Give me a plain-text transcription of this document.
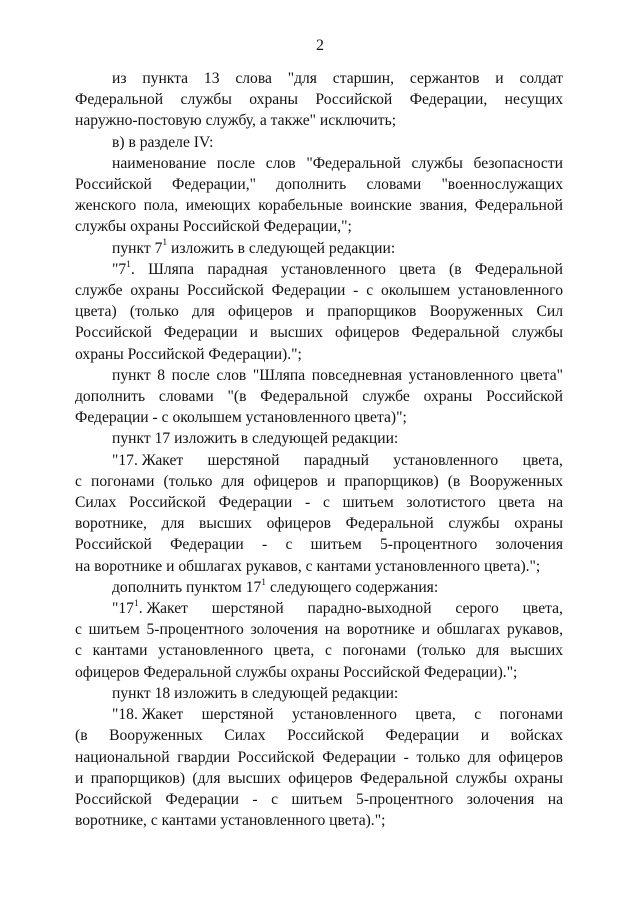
2
из пункта 13 слова "для старшин, сержантов и солдат
Федеральной службы охраны Российской Федерации, несущих
наружно-постовую службу, а также" исключить;
в) в разделе IV:
наименование после слов "Федеральной службы безопасности
Российской Федерации," дополнить словами "военнослужащих
женского пола, имеющих корабельные воинские звания, Федеральной
службы охраны Российской Федерации,";
пункт $7^1$ изложить в следующей редакции:
"$7^1$. Шляпа парадная установленного цвета (в Федеральной
службе охраны Российской Федерации - с околышем установленного
цвета) (только для офицеров и прапорщиков Вооруженных Сил
Российской Федерации и высших офицеров Федеральной службы
охраны Российской Федерации).";
пункт 8 после слов "Шляпа повседневная установленного цвета"
дополнить словами "(в Федеральной службе охраны Российской
Федерации - с околышем установленного цвета)";
пункт 17 изложить в следующей редакции:
"17. Жакет шерстяной парадный установленного цвета,
с погонами (только для офицеров и прапорщиков) (в Вооруженных
Силах Российской Федерации - с шитьем золотистого цвета на
воротнике, для высших офицеров Федеральной службы охраны
Российской Федерации - с шитьем 5-процентного золочения
на воротнике и обшлагах рукавов, с кантами установленного цвета).";
дополнить пунктом $17^1$ следующего содержания:
"$17^1$. Жакет шерстяной парадно-выходной серого цвета,
с шитьем 5-процентного золочения на воротнике и обшлагах рукавов,
с кантами установленного цвета, с погонами (только для высших
офицеров Федеральной службы охраны Российской Федерации).";
пункт 18 изложить в следующей редакции:
"18. Жакет шерстяной установленного цвета, с погонами
(в Вооруженных Силах Российской Федерации и войсках
национальной гвардии Российской Федерации - только для офицеров
и прапорщиков) (для высших офицеров Федеральной службы охраны
Российской Федерации - с шитьем 5-процентного золочения на
воротнике, с кантами установленного цвета).";
